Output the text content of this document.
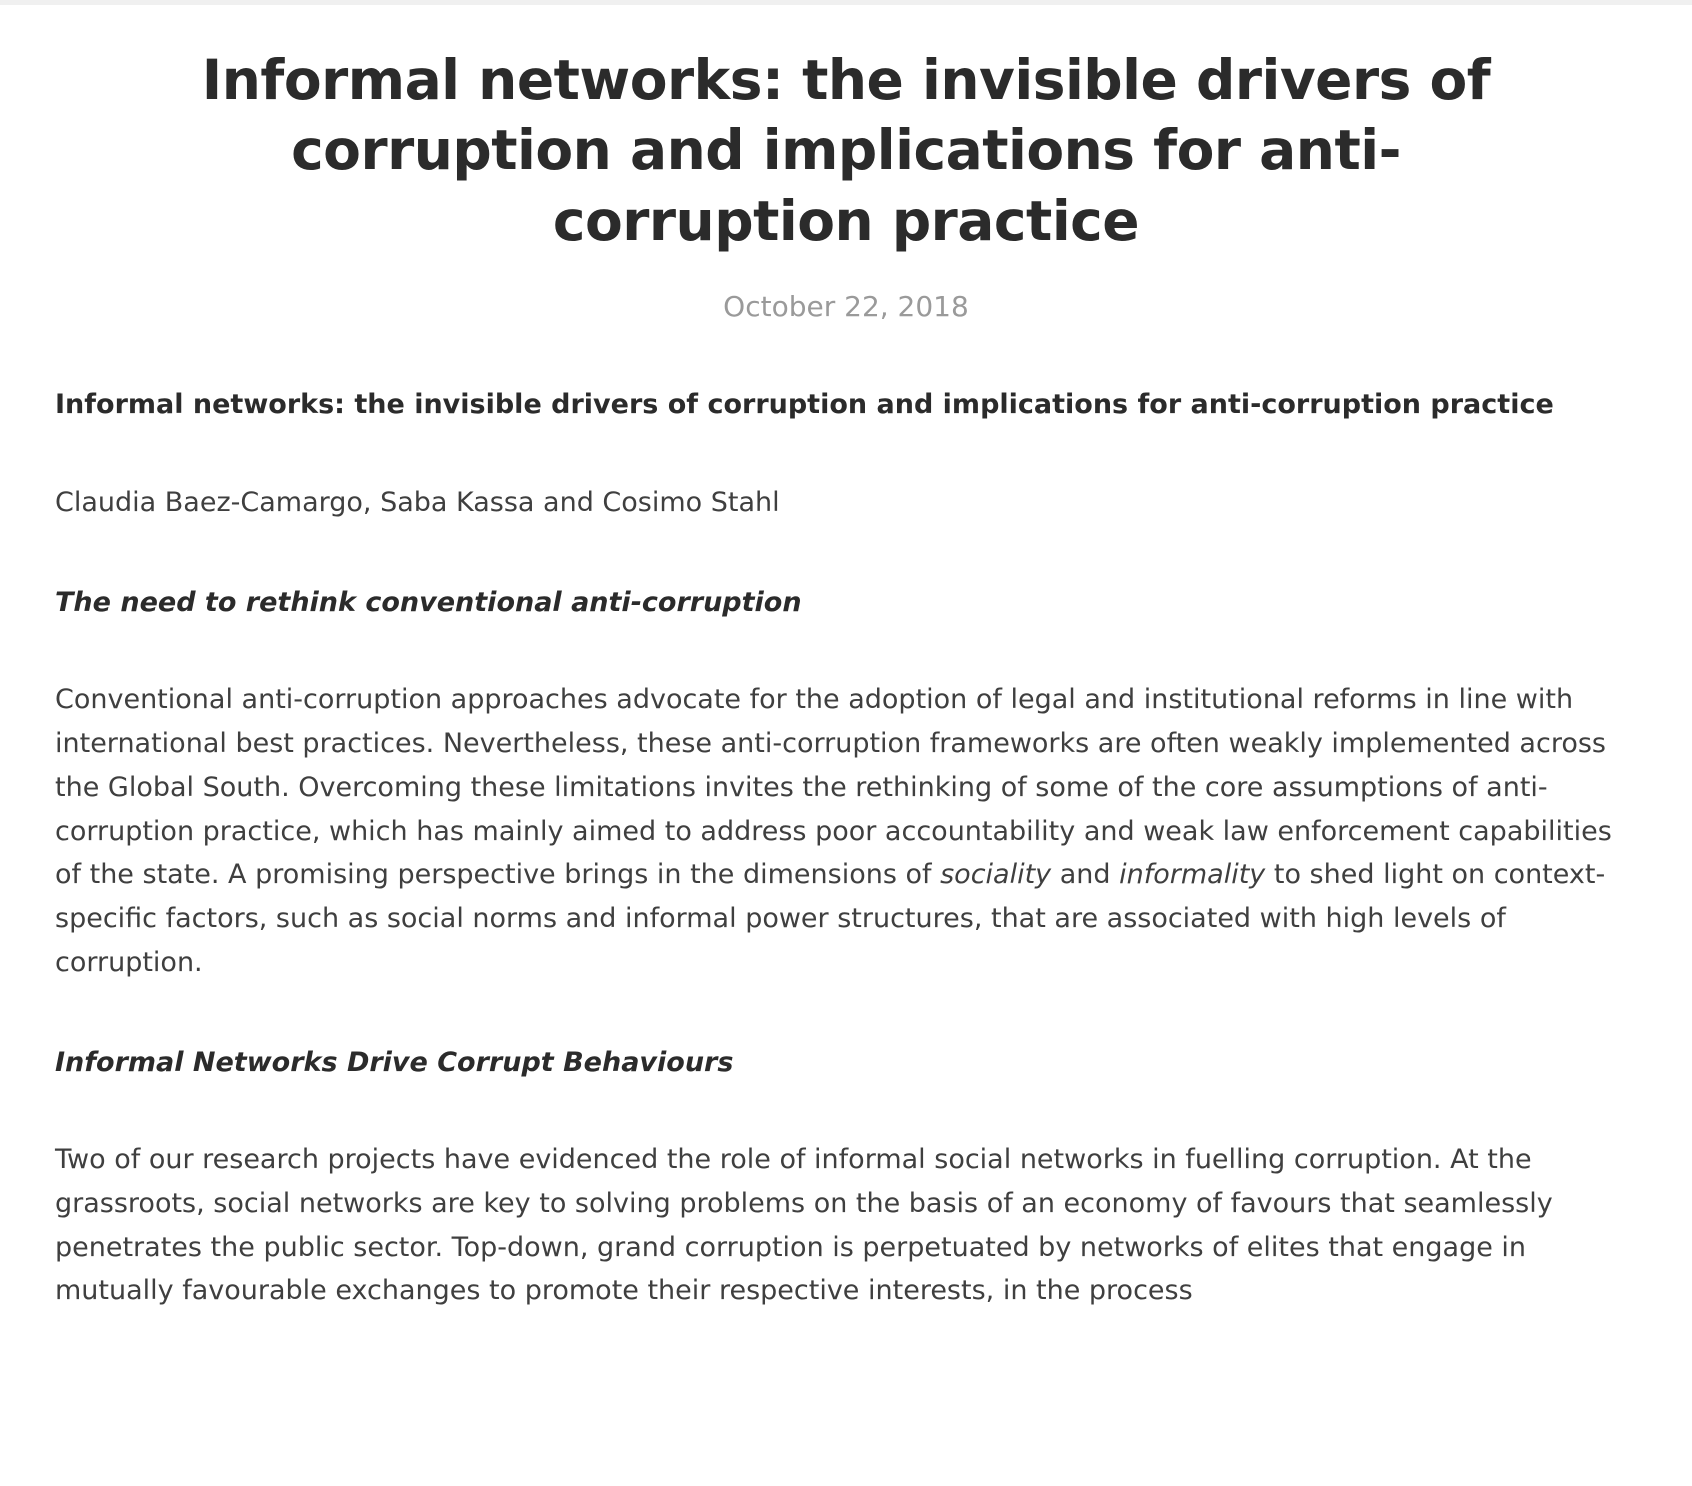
Informal networks: the invisible drivers of corruption and implications for anti-corruption practice
October 22, 2018

Informal networks: the invisible drivers of corruption and implications for anti-corruption practice

Claudia Baez-Camargo, Saba Kassa and Cosimo Stahl

The need to rethink conventional anti-corruption

Conventional anti-corruption approaches advocate for the adoption of legal and institutional reforms in line with international best practices. Nevertheless, these anti-corruption frameworks are often weakly implemented across the Global South. Overcoming these limitations invites the rethinking of some of the core assumptions of anti-corruption practice, which has mainly aimed to address poor accountability and weak law enforcement capabilities of the state. A promising perspective brings in the dimensions of sociality and informality to shed light on context-specific factors, such as social norms and informal power structures, that are associated with high levels of corruption.

Informal Networks Drive Corrupt Behaviours

Two of our research projects have evidenced the role of informal social networks in fuelling corruption. At the grassroots, social networks are key to solving problems on the basis of an economy of favours that seamlessly penetrates the public sector. Top-down, grand corruption is perpetuated by networks of elites that engage in mutually favourable exchanges to promote their respective interests, in the process
